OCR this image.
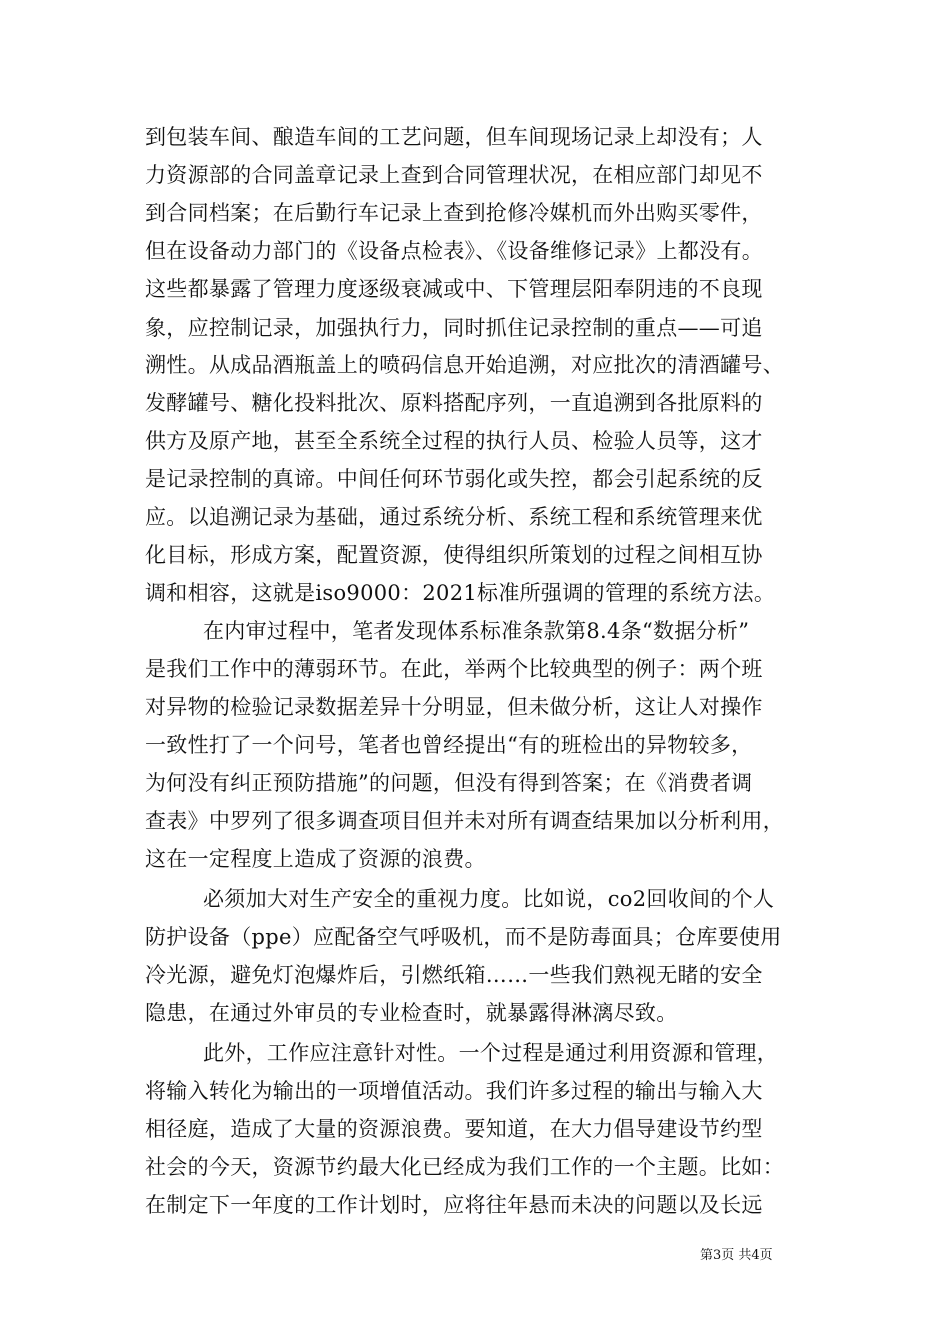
到包装车间、酿造车间的工艺问题，但车间现场记录上却没有；人
力资源部的合同盖章记录上查到合同管理状况，在相应部门却见不
到合同档案；在后勤行车记录上查到抢修冷媒机而外出购买零件，
但在设备动力部门的《设备点检表》、《设备维修记录》上都没有。
这些都暴露了管理力度逐级衰减或中、下管理层阳奉阴违的不良现
象，应控制记录，加强执行力，同时抓住记录控制的重点——可追
溯性。从成品酒瓶盖上的喷码信息开始追溯，对应批次的清酒罐号、
发酵罐号、糖化投料批次、原料搭配序列，一直追溯到各批原料的
供方及原产地，甚至全系统全过程的执行人员、检验人员等，这才
是记录控制的真谛。中间任何环节弱化或失控，都会引起系统的反
应。以追溯记录为基础，通过系统分析、系统工程和系统管理来优
化目标，形成方案，配置资源，使得组织所策划的过程之间相互协
调和相容，这就是iso9000：2021标准所强调的管理的系统方法。
在内审过程中，笔者发现体系标准条款第8.4条“数据分析”
是我们工作中的薄弱环节。在此，举两个比较典型的例子：两个班
对异物的检验记录数据差异十分明显，但未做分析，这让人对操作
一致性打了一个问号，笔者也曾经提出“有的班检出的异物较多，
为何没有纠正预防措施”的问题，但没有得到答案；在《消费者调
查表》中罗列了很多调查项目但并未对所有调查结果加以分析利用，
这在一定程度上造成了资源的浪费。
必须加大对生产安全的重视力度。比如说，co2回收间的个人
防护设备（ppe）应配备空气呼吸机，而不是防毒面具；仓库要使用
冷光源，避免灯泡爆炸后，引燃纸箱……一些我们熟视无睹的安全
隐患，在通过外审员的专业检查时，就暴露得淋漓尽致。
此外，工作应注意针对性。一个过程是通过利用资源和管理，
将输入转化为输出的一项增值活动。我们许多过程的输出与输入大
相径庭，造成了大量的资源浪费。要知道，在大力倡导建设节约型
社会的今天，资源节约最大化已经成为我们工作的一个主题。比如：
在制定下一年度的工作计划时，应将往年悬而未决的问题以及长远
第3页 共4页
